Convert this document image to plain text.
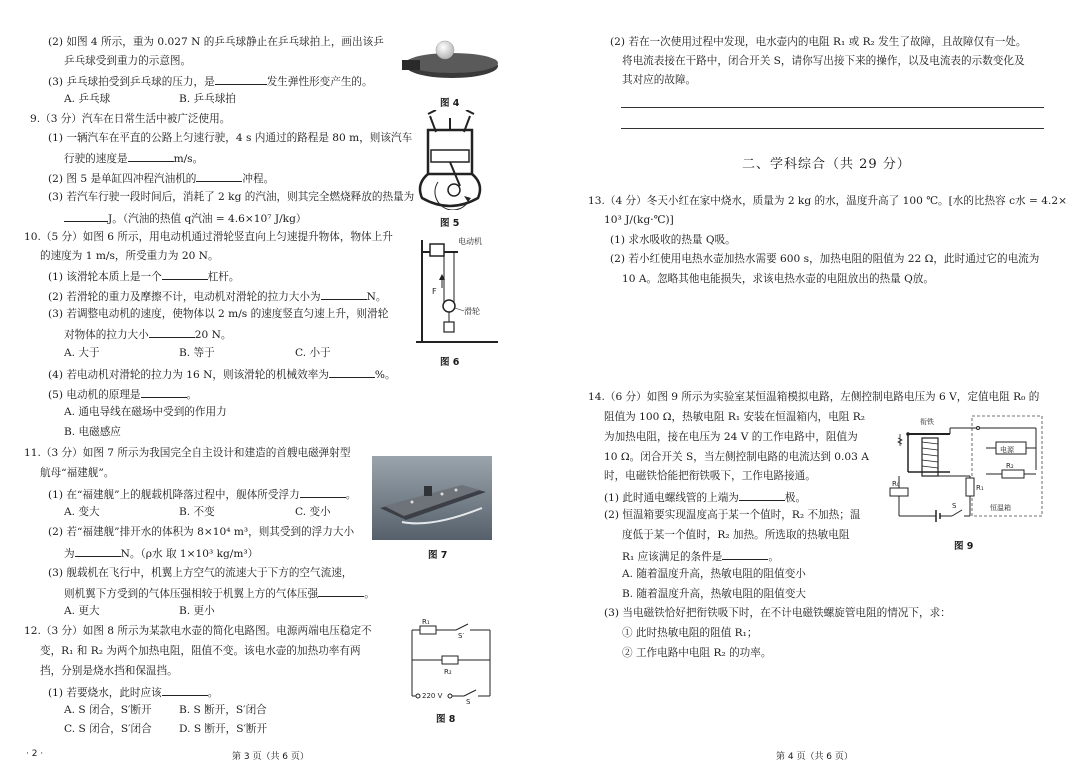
(2) 如图 4 所示，重为 0.027 N 的乒乓球静止在乒乓球拍上，画出该乒
乒乓球受到重力的示意图。
(3) 乒乓球拍受到乒乓球的压力，是	发生弹性形变产生的。
A. 乒乓球	B. 乒乓球拍	图 4
9.（3 分）汽车在日常生活中被广泛使用。
(1) 一辆汽车在平直的公路上匀速行驶，4 s 内通过的路程是 80 m，则该汽车
行驶的速度是	m/s。
(2) 图 5 是单缸四冲程汽油机的	冲程。
(3) 若汽车行驶一段时间后，消耗了 2 kg 的汽油，则其完全燃烧释放的热量为
J。（汽油的热值 q汽油 = 4.6×10⁷ J/kg）	图 5
10.（5 分）如图 6 所示，用电动机通过滑轮竖直向上匀速提升物体，物体上升
的速度为 1 m/s，所受重力为 20 N。
(1) 该滑轮本质上是一个	杠杆。
(2) 若滑轮的重力及摩擦不计，电动机对滑轮的拉力大小为	N。
(3) 若调整电动机的速度，使物体以 2 m/s 的速度竖直匀速上升，则滑轮
对物体的拉力大小	20 N。
A. 大于	B. 等于	C. 小于
(4) 若电动机对滑轮的拉力为 16 N，则该滑轮的机械效率为	%。
(5) 电动机的原理是	。
A. 通电导线在磁场中受到的作用力
B. 电磁感应
F
电动机
滑轮
图 6
11.（3 分）如图 7 所示为我国完全自主设计和建造的首艘电磁弹射型
航母“福建舰”。
(1) 在“福建舰”上的舰载机降落过程中，舰体所受浮力	。
A. 变大	B. 不变	C. 变小
(2) 若“福建舰”排开水的体积为 8×10⁴ m³，则其受到的浮力大小
为	N。（ρ水 取 1×10³ kg/m³）
(3) 舰载机在飞行中，机翼上方空气的流速大于下方的空气流速，
则机翼下方受到的气体压强相较于机翼上方的气体压强	。
A. 更大	B. 更小
图 7
12.（3 分）如图 8 所示为某款电水壶的简化电路图。电源两端电压稳定不
变，R₁ 和 R₂ 为两个加热电阻，阻值不变。该电水壶的加热功率有两
挡，分别是烧水挡和保温挡。
(1) 若要烧水，此时应该	。
A. S 闭合，S′断开	B. S 断开，S′闭合
C. S 闭合，S′闭合	D. S 断开，S′断开
R₁
S′
R₂
220 V
S
图 8
· 2 ·	第 3 页（共 6 页）
(2) 若在一次使用过程中发现，电水壶内的电阻 R₁ 或 R₂ 发生了故障，且故障仅有一处。
将电流表接在干路中，闭合开关 S，请你写出接下来的操作，以及电流表的示数变化及
其对应的故障。
二、学科综合（共 29 分）
13.（4 分）冬天小红在家中烧水，质量为 2 kg 的水，温度升高了 100 ℃。[水的比热容 c水 = 4.2×
10³ J/(kg·℃)]
(1) 求水吸收的热量 Q吸。
(2) 若小红使用电热水壶加热水需要 600 s，加热电阻的阻值为 22 Ω，此时通过它的电流为
10 A。忽略其他电能损失，求该电热水壶的电阻放出的热量 Q放。
14.（6 分）如图 9 所示为实验室某恒温箱模拟电路，左侧控制电路电压为 6 V，定值电阻 R₀ 的
阻值为 100 Ω，热敏电阻 R₁ 安装在恒温箱内，电阻 R₂
为加热电阻，接在电压为 24 V 的工作电路中，阻值为
10 Ω。闭合开关 S，当左侧控制电路的电流达到 0.03 A
时，电磁铁恰能把衔铁吸下，工作电路接通。
(1) 此时通电螺线管的上端为	极。
(2) 恒温箱要实现温度高于某一个值时，R₂ 不加热；温
度低于某一个值时，R₂ 加热。所选取的热敏电阻
R₁ 应该满足的条件是	。
A. 随着温度升高，热敏电阻的阻值变小
B. 随着温度升高，热敏电阻的阻值变大
(3) 当电磁铁恰好把衔铁吸下时，在不计电磁铁螺旋管电阻的情况下，求：
① 此时热敏电阻的阻值 R₁；
② 工作电路中电阻 R₂ 的功率。
恒温箱
衔铁
电源
R₂
R₁
R₀
S
图 9
第 4 页（共 6 页）
